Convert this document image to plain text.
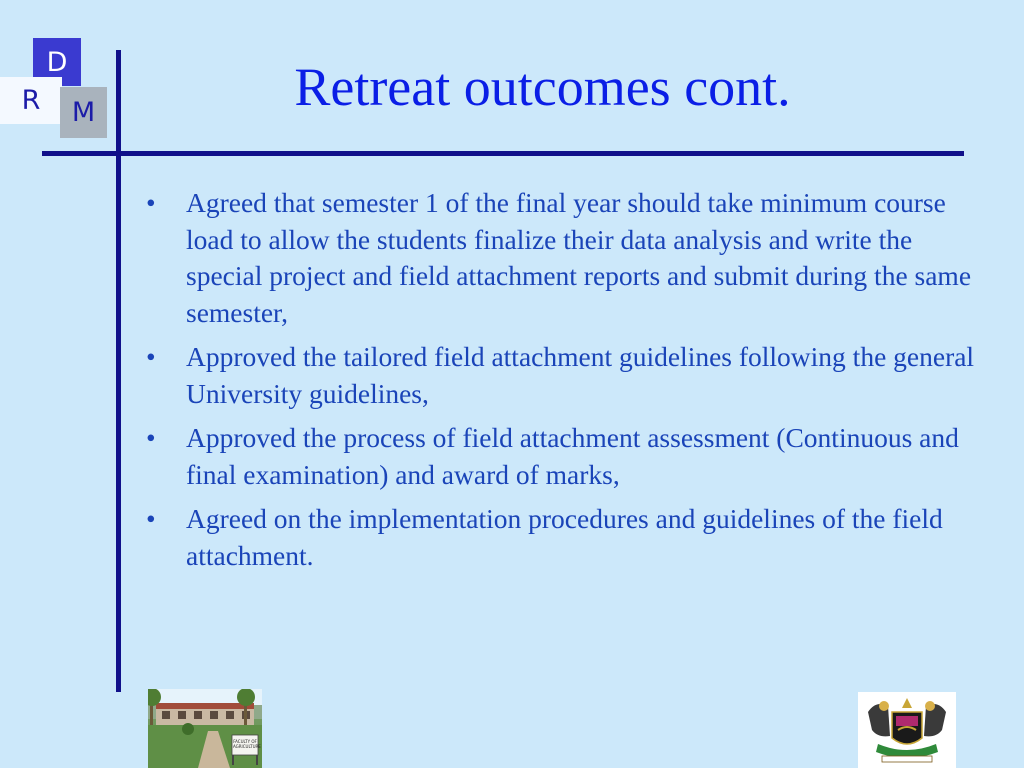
D
R	M	Retreat outcomes cont.
• Agreed that semester 1 of the final year should take minimum course load to allow the students finalize their data analysis and write the special project and field attachment reports and submit during the same semester,
• Approved the tailored field attachment guidelines following the general University guidelines,
• Approved the process of field attachment assessment (Continuous and final examination) and award of marks,
• Agreed on the implementation procedures and guidelines of the field attachment.
FACULTY OF AGRICULTURE
